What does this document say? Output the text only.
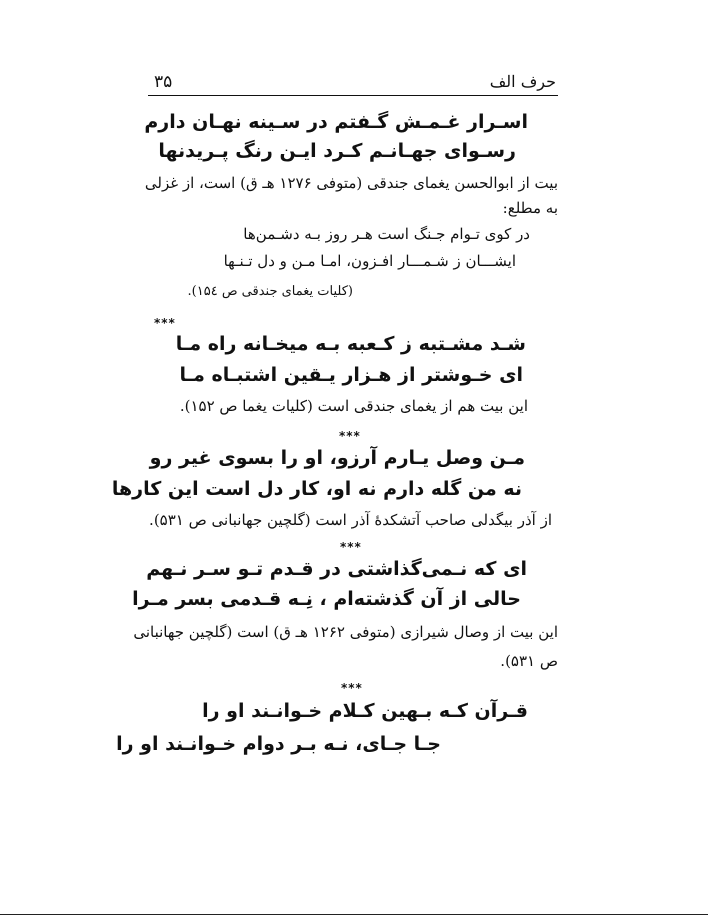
۳۵	حرف الف
اسـرار غـمـش گـفتم در سـينه نهـان دارم
رسـوای جهـانـم کـرد ايـن رنگ پـريدنها
بيت از ابوالحسن يغمای جندقی (متوفی ۱۲۷۶ هـ ق) است، از غزلی
به مطلع:
در کوی تـوام جـنگ است هـر روز بـه دشـمن‌ها
ايشـــان ز شـمـــار افـزون، امـا مـن و دل تـنـها
(کليات يغمای جندقی ص ۱۵٤).
***
شـد مشـتبه ز کـعبه بـه ميخـانه راه مـا
ای خـوشتر از هـزار يـقين اشتبـاه مـا
اين بيت هم از يغمای جندقی است (کليات يغما ص ۱۵۲).
***
مـن وصل يـارم آرزو، او را بسوی غير رو
نه من گله دارم نه او، کار دل است اين کارها
از آذر بيگدلی صاحب آتشکدهٔ آذر است (گلچين جهانبانی ص ۵۳۱).
***
ای که نـمی‌گذاشتی در قـدم تـو سـر نـهم
حالی از آن گذشته‌ام ، نِـه قـدمی بسر مـرا
اين بيت از وصال شيرازی (متوفی ۱۲۶۲ هـ ق) است (گلچين جهانبانی
ص ۵۳۱).
***
قـرآن کـه بـهين کـلام خـوانـند او را
جـا جـای، نـه بـر دوام خـوانـند او را
